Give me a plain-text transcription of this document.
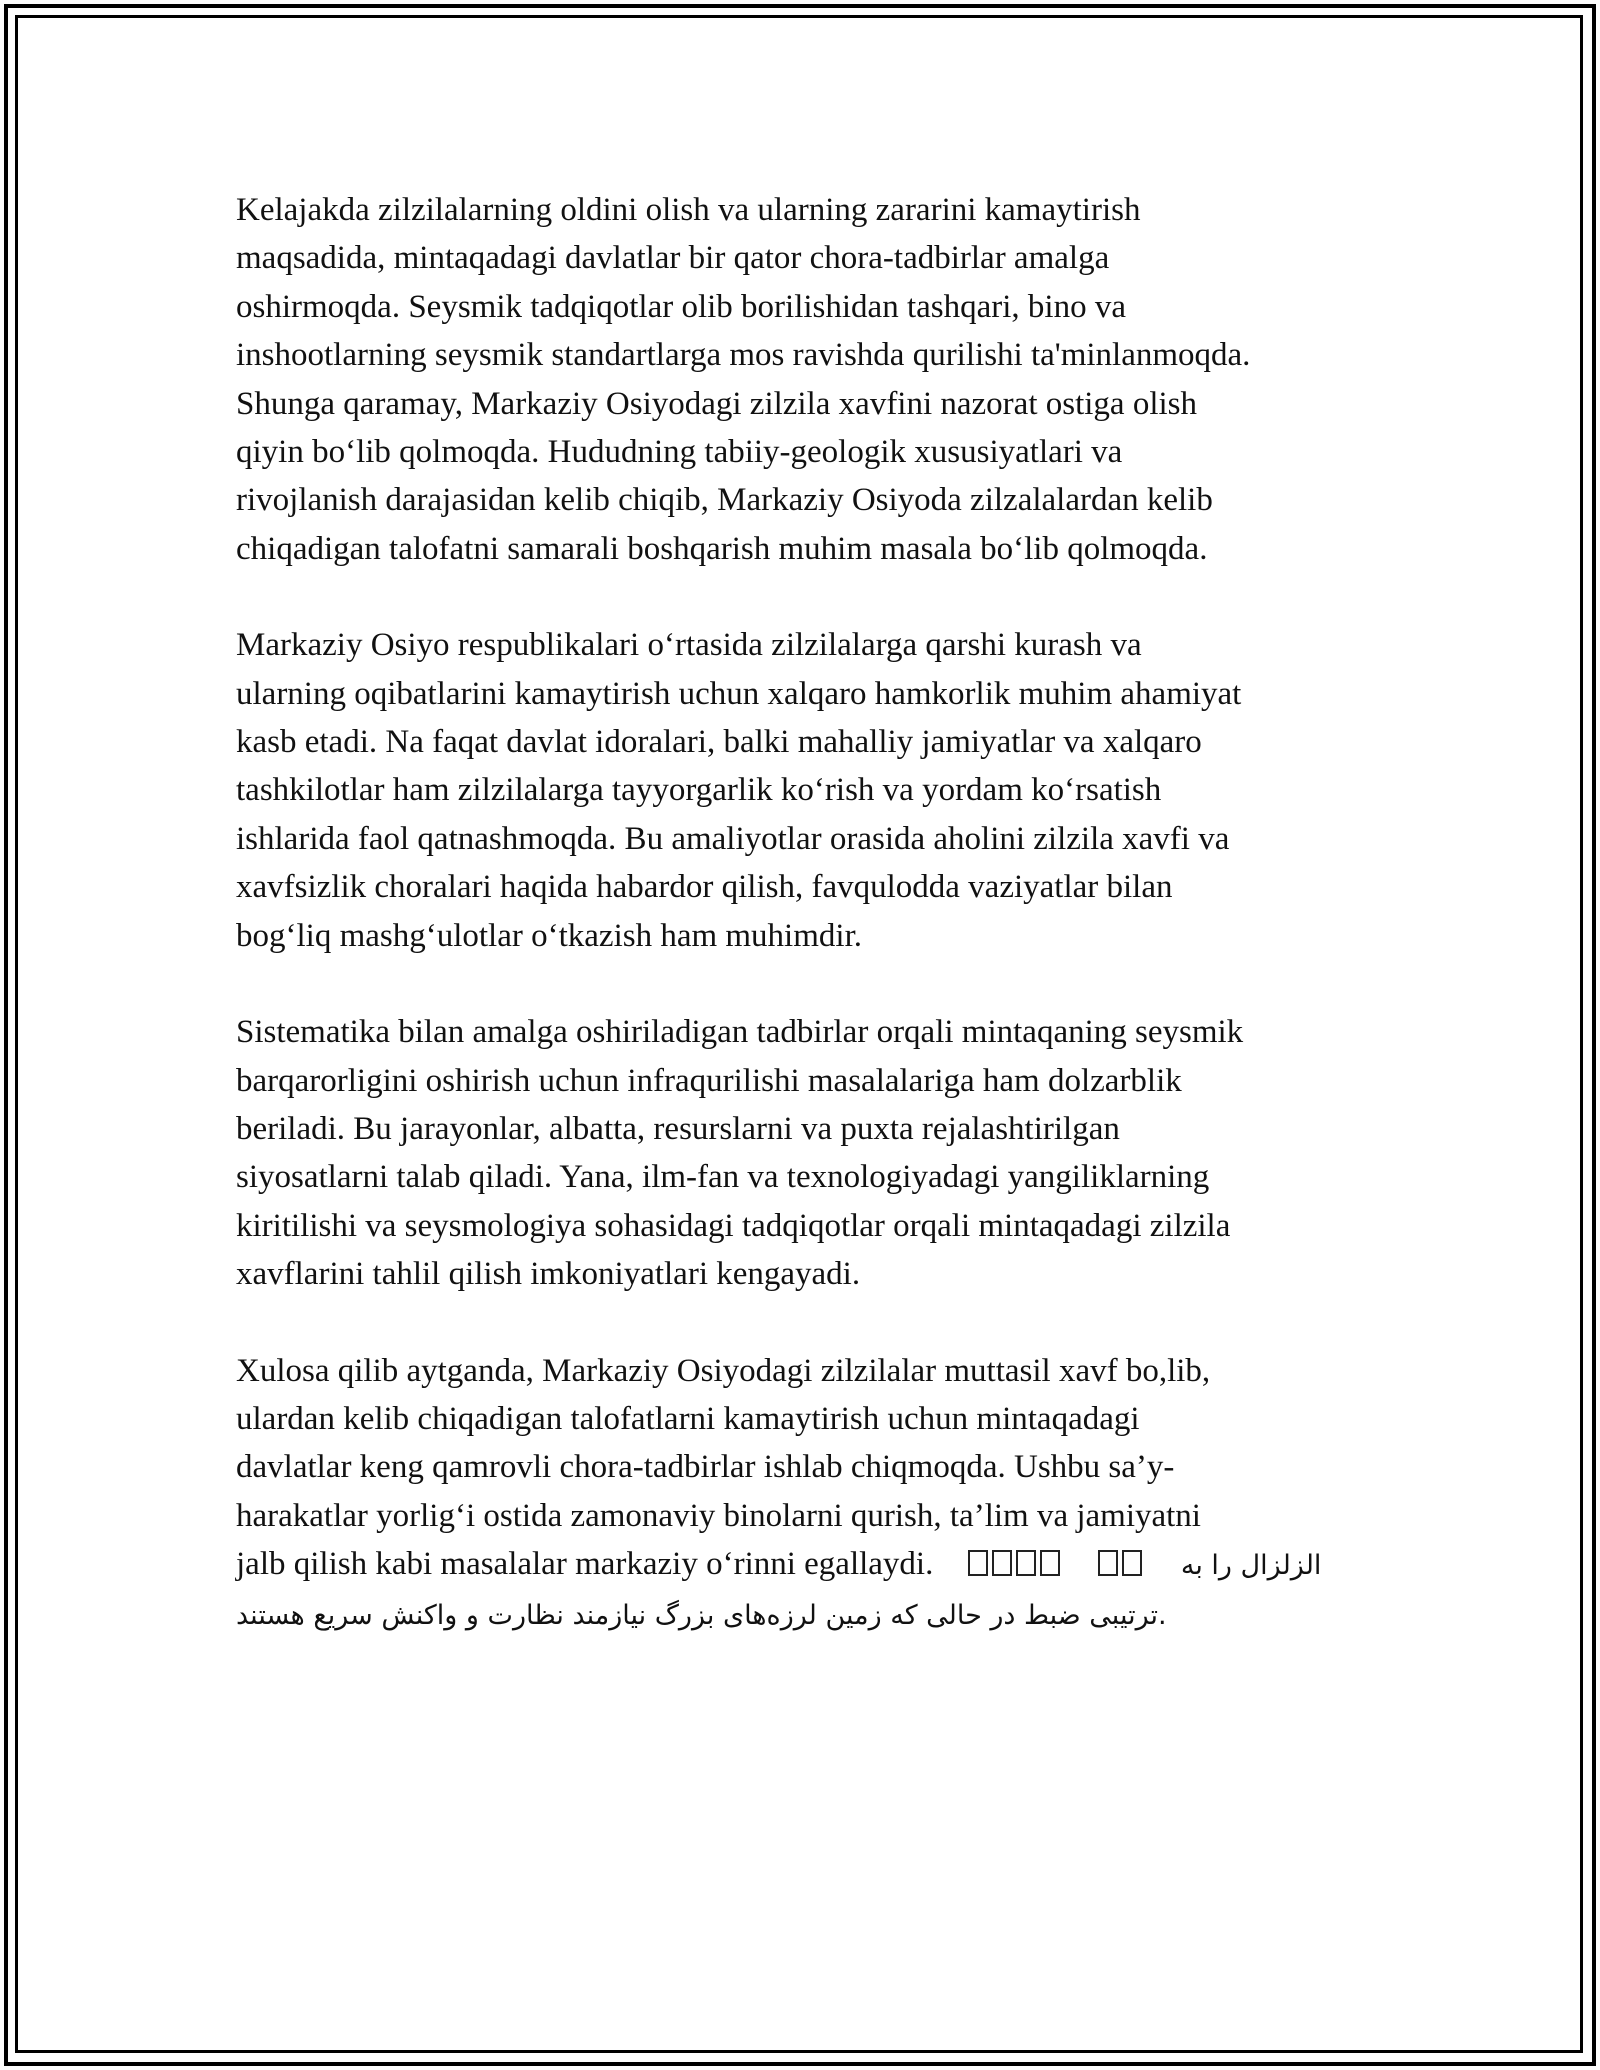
Kelajakda zilzilalarning oldini olish va ularning zararini kamaytirish
maqsadida, mintaqadagi davlatlar bir qator chora-tadbirlar amalga
oshirmoqda. Seysmik tadqiqotlar olib borilishidan tashqari, bino va
inshootlarning seysmik standartlarga mos ravishda qurilishi ta'minlanmoqda.
Shunga qaramay, Markaziy Osiyodagi zilzila xavfini nazorat ostiga olish
qiyin bo‘lib qolmoqda. Hududning tabiiy-geologik xususiyatlari va
rivojlanish darajasidan kelib chiqib, Markaziy Osiyoda zilzalalardan kelib
chiqadigan talofatni samarali boshqarish muhim masala bo‘lib qolmoqda.
Markaziy Osiyo respublikalari o‘rtasida zilzilalarga qarshi kurash va
ularning oqibatlarini kamaytirish uchun xalqaro hamkorlik muhim ahamiyat
kasb etadi. Na faqat davlat idoralari, balki mahalliy jamiyatlar va xalqaro
tashkilotlar ham zilzilalarga tayyorgarlik ko‘rish va yordam ko‘rsatish
ishlarida faol qatnashmoqda. Bu amaliyotlar orasida aholini zilzila xavfi va
xavfsizlik choralari haqida habardor qilish, favqulodda vaziyatlar bilan
bog‘liq mashg‘ulotlar o‘tkazish ham muhimdir.
Sistematika bilan amalga oshiriladigan tadbirlar orqali mintaqaning seysmik
barqarorligini oshirish uchun infraqurilishi masalalariga ham dolzarblik
beriladi. Bu jarayonlar, albatta, resurslarni va puxta rejalashtirilgan
siyosatlarni talab qiladi. Yana, ilm-fan va texnologiyadagi yangiliklarning
kiritilishi va seysmologiya sohasidagi tadqiqotlar orqali mintaqadagi zilzila
xavflarini tahlil qilish imkoniyatlari kengayadi.
Xulosa qilib aytganda, Markaziy Osiyodagi zilzilalar muttasil xavf bo,lib,
ulardan kelib chiqadigan talofatlarni kamaytirish uchun mintaqadagi
davlatlar keng qamrovli chora-tadbirlar ishlab chiqmoqda. Ushbu sa’y-
harakatlar yorlig‘i ostida zamonaviy binolarni qurish, ta’lim va jamiyatni
jalb qilish kabi masalalar markaziy o‘rinni egallaydi.	الزلزال را به
ترتیبی ضبط در حالی که زمین لرزه‌های بزرگ نیازمند نظارت و واکنش سریع هستند.
